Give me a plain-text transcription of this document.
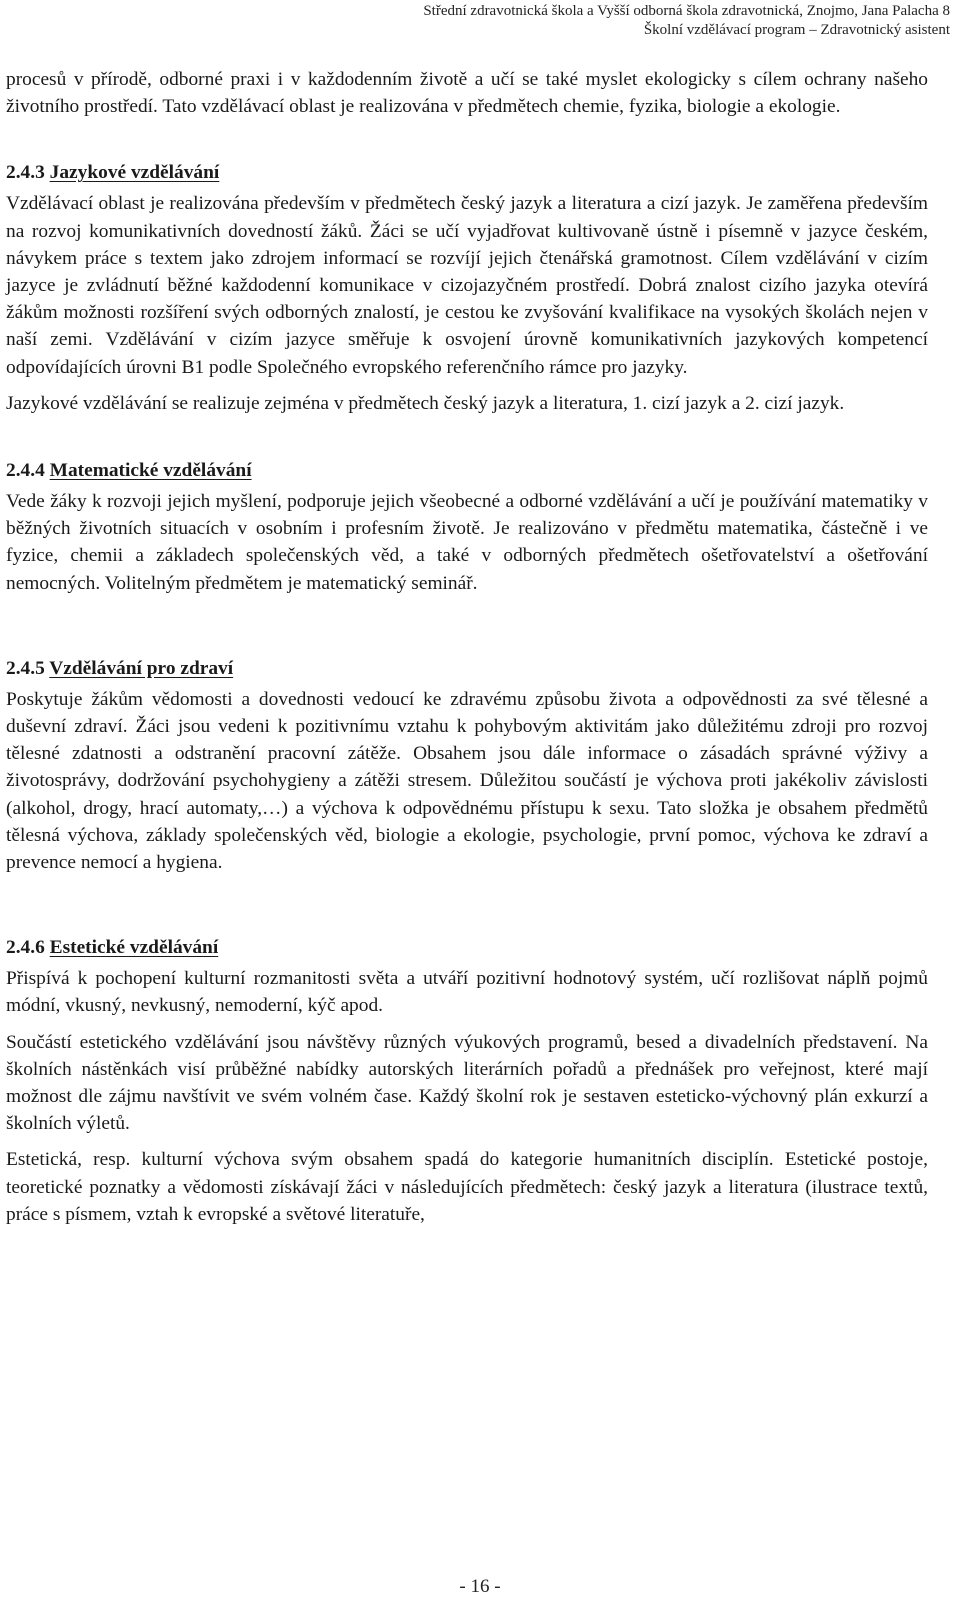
Střední zdravotnická škola a Vyšší odborná škola zdravotnická, Znojmo, Jana Palacha 8
Školní vzdělávací program – Zdravotnický asistent

procesů v přírodě, odborné praxi i v každodenním životě a učí se také myslet ekologicky s cílem ochrany našeho životního prostředí. Tato vzdělávací oblast je realizována v předmětech chemie, fyzika, biologie a ekologie.

2.4.3 Jazykové vzdělávání

Vzdělávací oblast je realizována především v předmětech český jazyk a literatura a cizí jazyk. Je zaměřena především na rozvoj komunikativních dovedností žáků. Žáci se učí vyjadřovat kultivovaně ústně i písemně v jazyce českém, návykem práce s textem jako zdrojem informací se rozvíjí jejich čtenářská gramotnost. Cílem vzdělávání v cizím jazyce je zvládnutí běžné každodenní komunikace v cizojazyčném prostředí. Dobrá znalost cizího jazyka otevírá žákům možnosti rozšíření svých odborných znalostí, je cestou ke zvyšování kvalifikace na vysokých školách nejen v naší zemi. Vzdělávání v cizím jazyce směřuje k osvojení úrovně komunikativních jazykových kompetencí odpovídajících úrovni B1 podle Společného evropského referenčního rámce pro jazyky.

Jazykové vzdělávání se realizuje zejména v předmětech český jazyk a literatura, 1. cizí jazyk a 2. cizí jazyk.

2.4.4 Matematické vzdělávání

Vede žáky k rozvoji jejich myšlení, podporuje jejich všeobecné a odborné vzdělávání a učí je používání matematiky v běžných životních situacích v osobním i profesním životě. Je realizováno v předmětu matematika, částečně i ve fyzice, chemii a základech společenských věd, a také v odborných předmětech ošetřovatelství a ošetřování nemocných. Volitelným předmětem je matematický seminář.

2.4.5 Vzdělávání pro zdraví

Poskytuje žákům vědomosti a dovednosti vedoucí ke zdravému způsobu života a odpovědnosti za své tělesné a duševní zdraví. Žáci jsou vedeni k pozitivnímu vztahu k pohybovým aktivitám jako důležitému zdroji pro rozvoj tělesné zdatnosti a odstranění pracovní zátěže. Obsahem jsou dále informace o zásadách správné výživy a životosprávy, dodržování psychohygieny a zátěži stresem. Důležitou součástí je výchova proti jakékoliv závislosti (alkohol, drogy, hrací automaty,…) a výchova k odpovědnému přístupu k sexu. Tato složka je obsahem předmětů tělesná výchova, základy společenských věd, biologie a ekologie, psychologie, první pomoc, výchova ke zdraví a prevence nemocí a hygiena.

2.4.6 Estetické vzdělávání

Přispívá k pochopení kulturní rozmanitosti světa a utváří pozitivní hodnotový systém, učí rozlišovat náplň pojmů módní, vkusný, nevkusný, nemoderní, kýč apod.

Součástí estetického vzdělávání jsou návštěvy různých výukových programů, besed a divadelních představení. Na školních nástěnkách visí průběžné nabídky autorských literárních pořadů a přednášek pro veřejnost, které mají možnost dle zájmu navštívit ve svém volném čase. Každý školní rok je sestaven esteticko-výchovný plán exkurzí a školních výletů.

Estetická, resp. kulturní výchova svým obsahem spadá do kategorie humanitních disciplín. Estetické postoje, teoretické poznatky a vědomosti získávají žáci v následujících předmětech: český jazyk a literatura (ilustrace textů, práce s písmem, vztah k evropské a světové literatuře,

- 16 -
